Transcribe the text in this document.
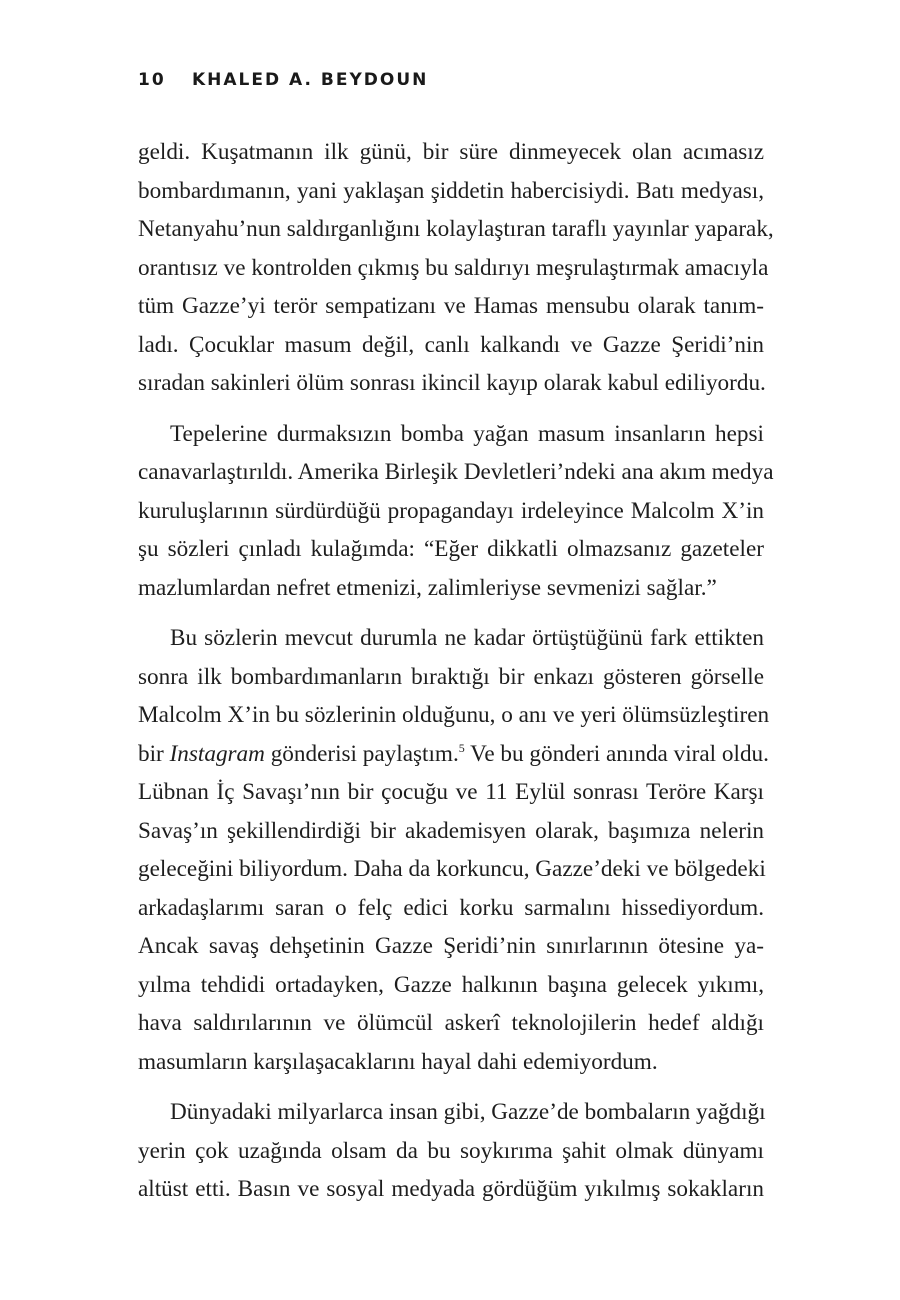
10 KHALED A. BEYDOUN
geldi. Kuşatmanın ilk günü, bir süre dinmeyecek olan acımasız
bombardımanın, yani yaklaşan şiddetin habercisiydi. Batı medyası,
Netanyahu’nun saldırganlığını kolaylaştıran taraflı yayınlar yaparak,
orantısız ve kontrolden çıkmış bu saldırıyı meşrulaştırmak amacıyla
tüm Gazze’yi terör sempatizanı ve Hamas mensubu olarak tanım-
ladı. Çocuklar masum değil, canlı kalkandı ve Gazze Şeridi’nin
sıradan sakinleri ölüm sonrası ikincil kayıp olarak kabul ediliyordu.
Tepelerine durmaksızın bomba yağan masum insanların hepsi
canavarlaştırıldı. Amerika Birleşik Devletleri’ndeki ana akım medya
kuruluşlarının sürdürdüğü propagandayı irdeleyince Malcolm X’in
şu sözleri çınladı kulağımda: “Eğer dikkatli olmazsanız gazeteler
mazlumlardan nefret etmenizi, zalimleriyse sevmenizi sağlar.”
Bu sözlerin mevcut durumla ne kadar örtüştüğünü fark ettikten
sonra ilk bombardımanların bıraktığı bir enkazı gösteren görselle
Malcolm X’in bu sözlerinin olduğunu, o anı ve yeri ölümsüzleştiren
bir Instagram gönderisi paylaştım.$^5$ Ve bu gönderi anında viral oldu.
Lübnan İç Savaşı’nın bir çocuğu ve 11 Eylül sonrası Teröre Karşı
Savaş’ın şekillendirdiği bir akademisyen olarak, başımıza nelerin
geleceğini biliyordum. Daha da korkuncu, Gazze’deki ve bölgedeki
arkadaşlarımı saran o felç edici korku sarmalını hissediyordum.
Ancak savaş dehşetinin Gazze Şeridi’nin sınırlarının ötesine ya-
yılma tehdidi ortadayken, Gazze halkının başına gelecek yıkımı,
hava saldırılarının ve ölümcül askerî teknolojilerin hedef aldığı
masumların karşılaşacaklarını hayal dahi edemiyordum.
Dünyadaki milyarlarca insan gibi, Gazze’de bombaların yağdığı
yerin çok uzağında olsam da bu soykırıma şahit olmak dünyamı
altüst etti. Basın ve sosyal medyada gördüğüm yıkılmış sokakların
